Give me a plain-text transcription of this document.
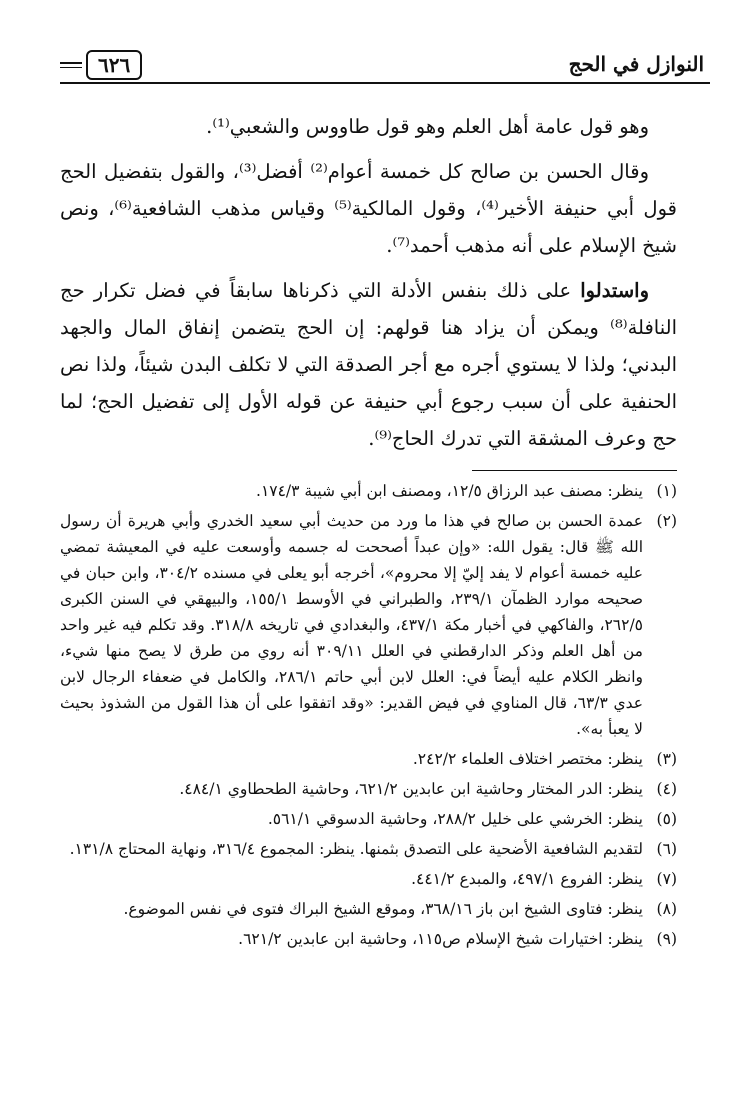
النوازل في الحج
٦٢٦

وهو قول عامة أهل العلم وهو قول طاووس والشعبي⁽¹⁾.

وقال الحسن بن صالح كل خمسة أعوام⁽²⁾ أفضل⁽³⁾، والقول بتفضيل الحج قول أبي حنيفة الأخير⁽⁴⁾، وقول المالكية⁽⁵⁾ وقياس مذهب الشافعية⁽⁶⁾، ونص شيخ الإسلام على أنه مذهب أحمد⁽⁷⁾.

واستدلوا على ذلك بنفس الأدلة التي ذكرناها سابقاً في فضل تكرار حج النافلة⁽⁸⁾ ويمكن أن يزاد هنا قولهم: إن الحج يتضمن إنفاق المال والجهد البدني؛ ولذا لا يستوي أجره مع أجر الصدقة التي لا تكلف البدن شيئاً، ولذا نص الحنفية على أن سبب رجوع أبي حنيفة عن قوله الأول إلى تفضيل الحج؛ لما حج وعرف المشقة التي تدرك الحاج⁽⁹⁾.

(١)
ينظر: مصنف عبد الرزاق ١٢/٥، ومصنف ابن أبي شيبة ١٧٤/٣.
(٢)
عمدة الحسن بن صالح في هذا ما ورد من حديث أبي سعيد الخدري وأبي هريرة أن رسول الله ﷺ قال: يقول الله: «وإن عبداً أصححت له جسمه وأوسعت عليه في المعيشة تمضي عليه خمسة أعوام لا يفد إليّ إلا محروم»، أخرجه أبو يعلى في مسنده ٣٠٤/٢، وابن حبان في صحيحه موارد الظمآن ٢٣٩/١، والطبراني في الأوسط ١٥٥/١، والبيهقي في السنن الكبرى ٢٦٢/٥، والفاكهي في أخبار مكة ٤٣٧/١، والبغدادي في تاريخه ٣١٨/٨. وقد تكلم فيه غير واحد من أهل العلم وذكر الدارقطني في العلل ٣٠٩/١١ أنه روي من طرق لا يصح منها شيء، وانظر الكلام عليه أيضاً في: العلل لابن أبي حاتم ٢٨٦/١، والكامل في ضعفاء الرجال لابن عدي ٦٣/٣، قال المناوي في فيض القدير: «وقد اتفقوا على أن هذا القول من الشذوذ بحيث لا يعبأ به».
(٣)
ينظر: مختصر اختلاف العلماء ٢٤٢/٢.
(٤)
ينظر: الدر المختار وحاشية ابن عابدين ٦٢١/٢، وحاشية الطحطاوي ٤٨٤/١.
(٥)
ينظر: الخرشي على خليل ٢٨٨/٢، وحاشية الدسوقي ٥٦١/١.
(٦)
لتقديم الشافعية الأضحية على التصدق بثمنها. ينظر: المجموع ٣١٦/٤، ونهاية المحتاج ١٣١/٨.
(٧)
ينظر: الفروع ٤٩٧/١، والمبدع ٤٤١/٢.
(٨)
ينظر: فتاوى الشيخ ابن باز ٣٦٨/١٦، وموقع الشيخ البراك فتوى في نفس الموضوع.
(٩)
ينظر: اختيارات شيخ الإسلام ص١١٥، وحاشية ابن عابدين ٦٢١/٢.
